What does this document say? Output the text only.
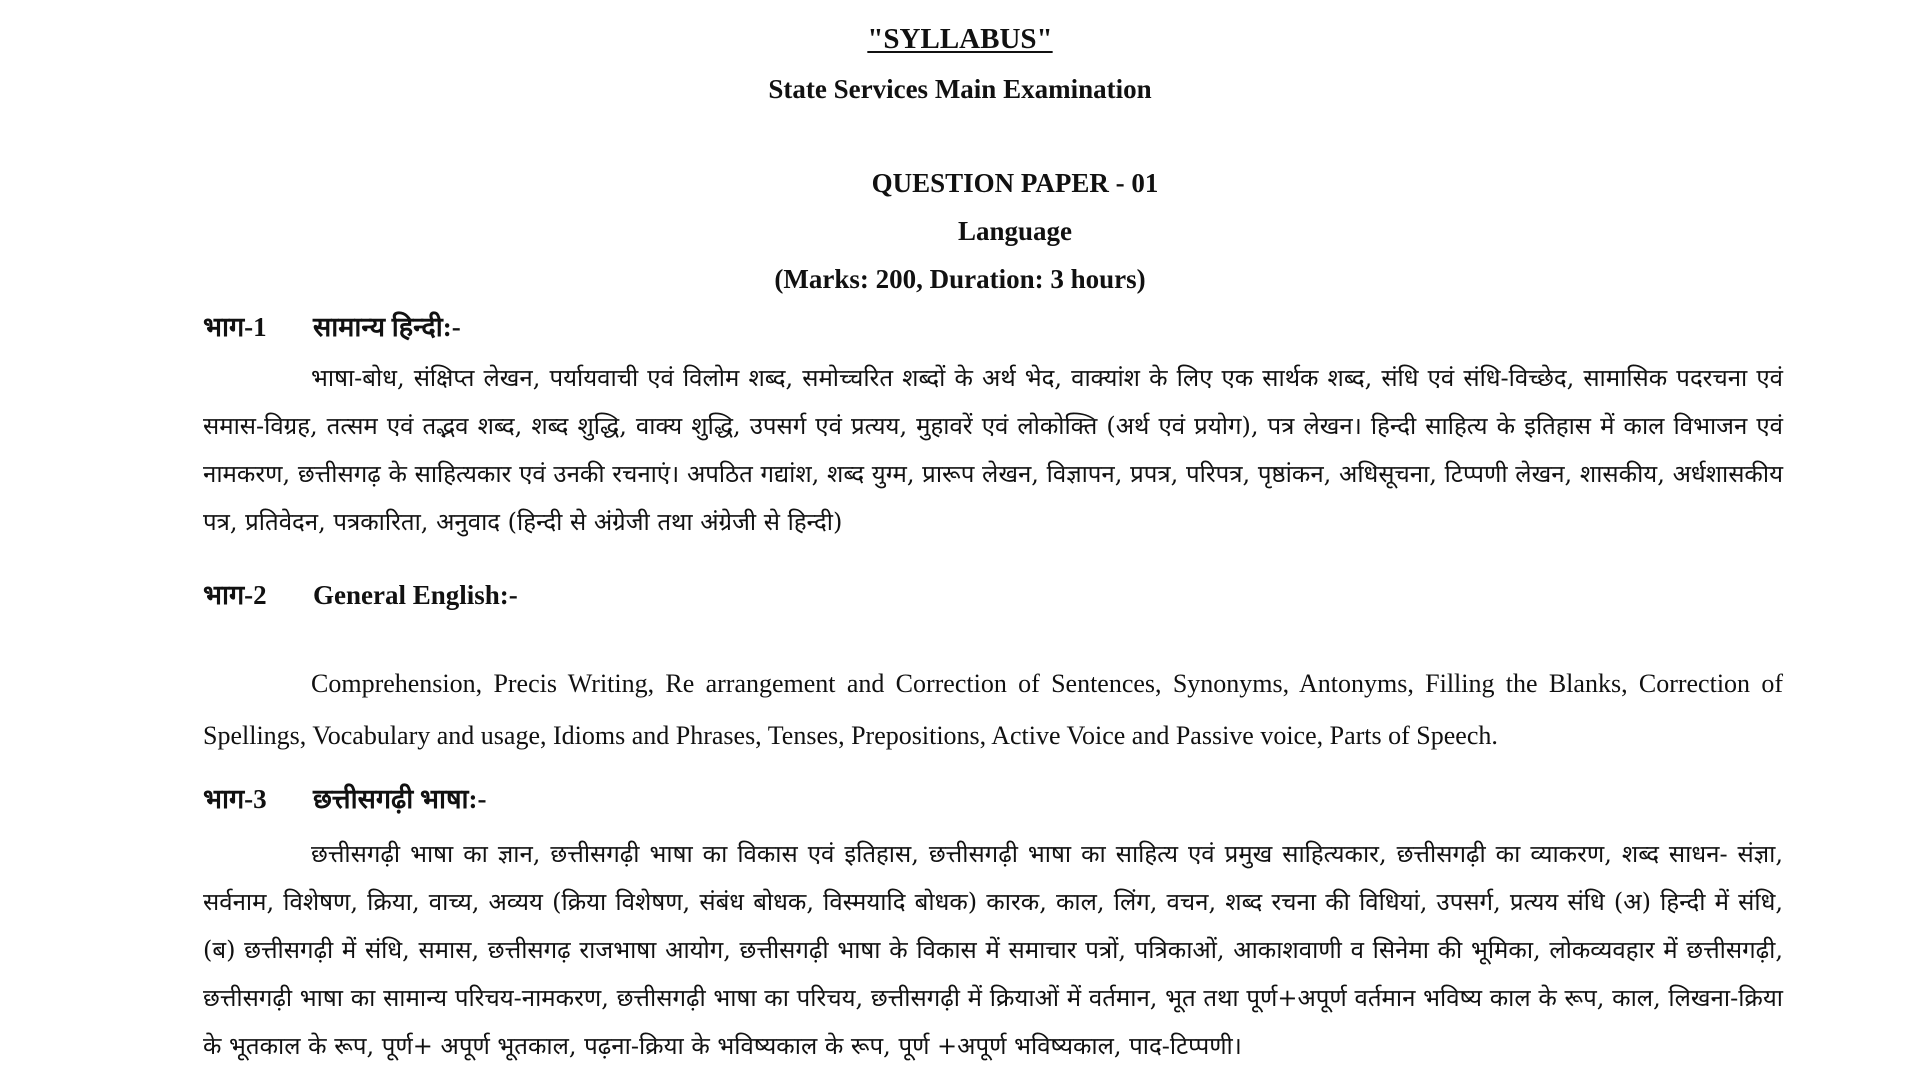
"SYLLABUS"
State Services Main Examination
QUESTION PAPER - 01
Language
(Marks: 200, Duration: 3 hours)
भाग-1 सामान्य हिन्दी:-

भाषा-बोध, संक्षिप्त लेखन, पर्यायवाची एवं विलोम शब्द, समोच्चरित शब्दों के अर्थ भेद, वाक्यांश के लिए एक सार्थक शब्द, संधि एवं संधि-विच्छेद, सामासिक पदरचना एवं समास-विग्रह, तत्सम एवं तद्भव शब्द, शब्द शुद्धि, वाक्य शुद्धि, उपसर्ग एवं प्रत्यय, मुहावरें एवं लोकोक्ति (अर्थ एवं प्रयोग), पत्र लेखन। हिन्दी साहित्य के इतिहास में काल विभाजन एवं नामकरण, छत्तीसगढ़ के साहित्यकार एवं उनकी रचनाएं। अपठित गद्यांश, शब्द युग्म, प्रारूप लेखन, विज्ञापन, प्रपत्र, परिपत्र, पृष्ठांकन, अधिसूचना, टिप्पणी लेखन, शासकीय, अर्धशासकीय पत्र, प्रतिवेदन, पत्रकारिता, अनुवाद (हिन्दी से अंग्रेजी तथा अंग्रेजी से हिन्दी)

भाग-2 General English:-

Comprehension, Precis Writing, Re arrangement and Correction of Sentences, Synonyms, Antonyms, Filling the Blanks, Correction of Spellings, Vocabulary and usage, Idioms and Phrases, Tenses, Prepositions, Active Voice and Passive voice, Parts of Speech.

भाग-3 छत्तीसगढ़ी भाषा:-

छत्तीसगढ़ी भाषा का ज्ञान, छत्तीसगढ़ी भाषा का विकास एवं इतिहास, छत्तीसगढ़ी भाषा का साहित्य एवं प्रमुख साहित्यकार, छत्तीसगढ़ी का व्याकरण, शब्द साधन- संज्ञा, सर्वनाम, विशेषण, क्रिया, वाच्य, अव्यय (क्रिया विशेषण, संबंध बोधक, विस्मयादि बोधक) कारक, काल, लिंग, वचन, शब्द रचना की विधियां, उपसर्ग, प्रत्यय संधि (अ) हिन्दी में संधि, (ब) छत्तीसगढ़ी में संधि, समास, छत्तीसगढ़ राजभाषा आयोग, छत्तीसगढ़ी भाषा के विकास में समाचार पत्रों, पत्रिकाओं, आकाशवाणी व सिनेमा की भूमिका, लोकव्यवहार में छत्तीसगढ़ी, छत्तीसगढ़ी भाषा का सामान्य परिचय-नामकरण, छत्तीसगढ़ी भाषा का परिचय, छत्तीसगढ़ी में क्रियाओं में वर्तमान, भूत तथा पूर्ण+अपूर्ण वर्तमान भविष्य काल के रूप, काल, लिखना-क्रिया के भूतकाल के रूप, पूर्ण+ अपूर्ण भूतकाल, पढ़ना-क्रिया के भविष्यकाल के रूप, पूर्ण +अपूर्ण भविष्यकाल, पाद-टिप्पणी।
